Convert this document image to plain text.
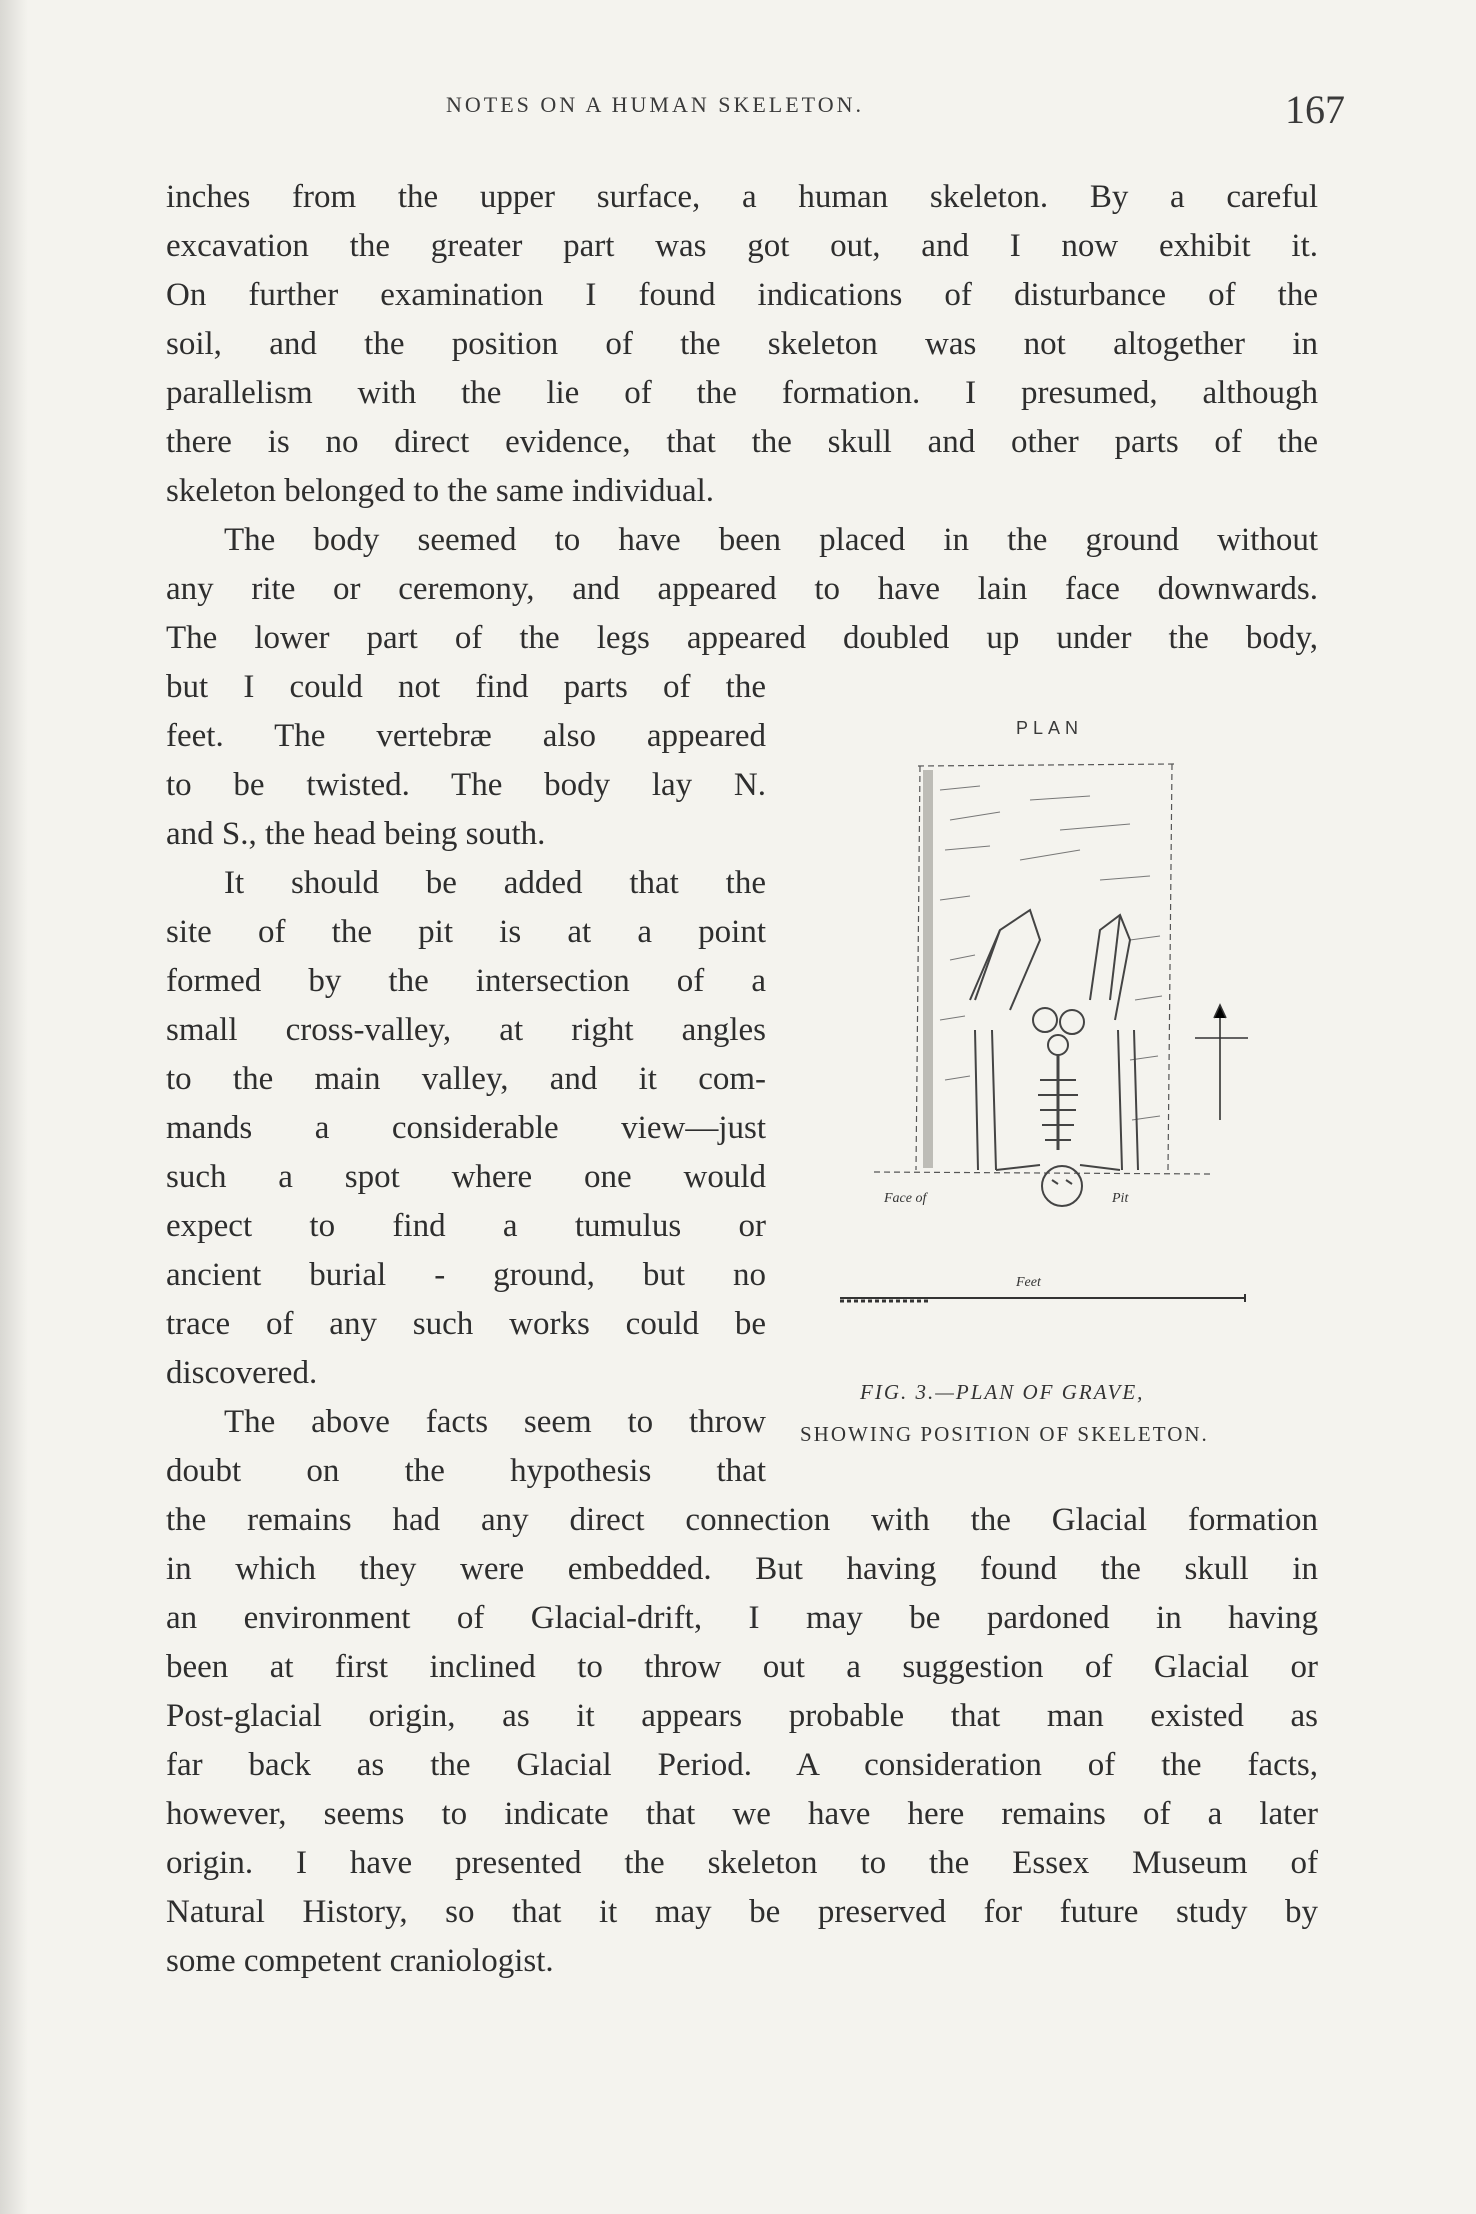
NOTES ON A HUMAN SKELETON.	167
inches from the upper surface, a human skeleton. By a careful
excavation the greater part was got out, and I now exhibit it.
On further examination I found indications of disturbance of the
soil, and the position of the skeleton was not altogether in
parallelism with the lie of the formation. I presumed, although
there is no direct evidence, that the skull and other parts of the
skeleton belonged to the same individual.
The body seemed to have been placed in the ground without
any rite or ceremony, and appeared to have lain face downwards.
The lower part of the legs appeared doubled up under the body,
but I could not find parts of the
feet. The vertebræ also appeared
to be twisted. The body lay N.
and S., the head being south.
It should be added that the
site of the pit is at a point
formed by the intersection of a
small cross-valley, at right angles
to the main valley, and it com-
mands a considerable view—just
such a spot where one would
expect to find a tumulus or
ancient burial - ground, but no
trace of any such works could be
discovered.
The above facts seem to throw
doubt on the hypothesis that
the remains had any direct connection with the Glacial formation
in which they were embedded. But having found the skull in
an environment of Glacial-drift, I may be pardoned in having
been at first inclined to throw out a suggestion of Glacial or
Post-glacial origin, as it appears probable that man existed as
far back as the Glacial Period. A consideration of the facts,
however, seems to indicate that we have here remains of a later
origin. I have presented the skeleton to the Essex Museum of
Natural History, so that it may be preserved for future study by
some competent craniologist.
PLAN
Face of	Pit
Feet
FIG. 3.—PLAN OF GRAVE,
SHOWING POSITION OF SKELETON.
